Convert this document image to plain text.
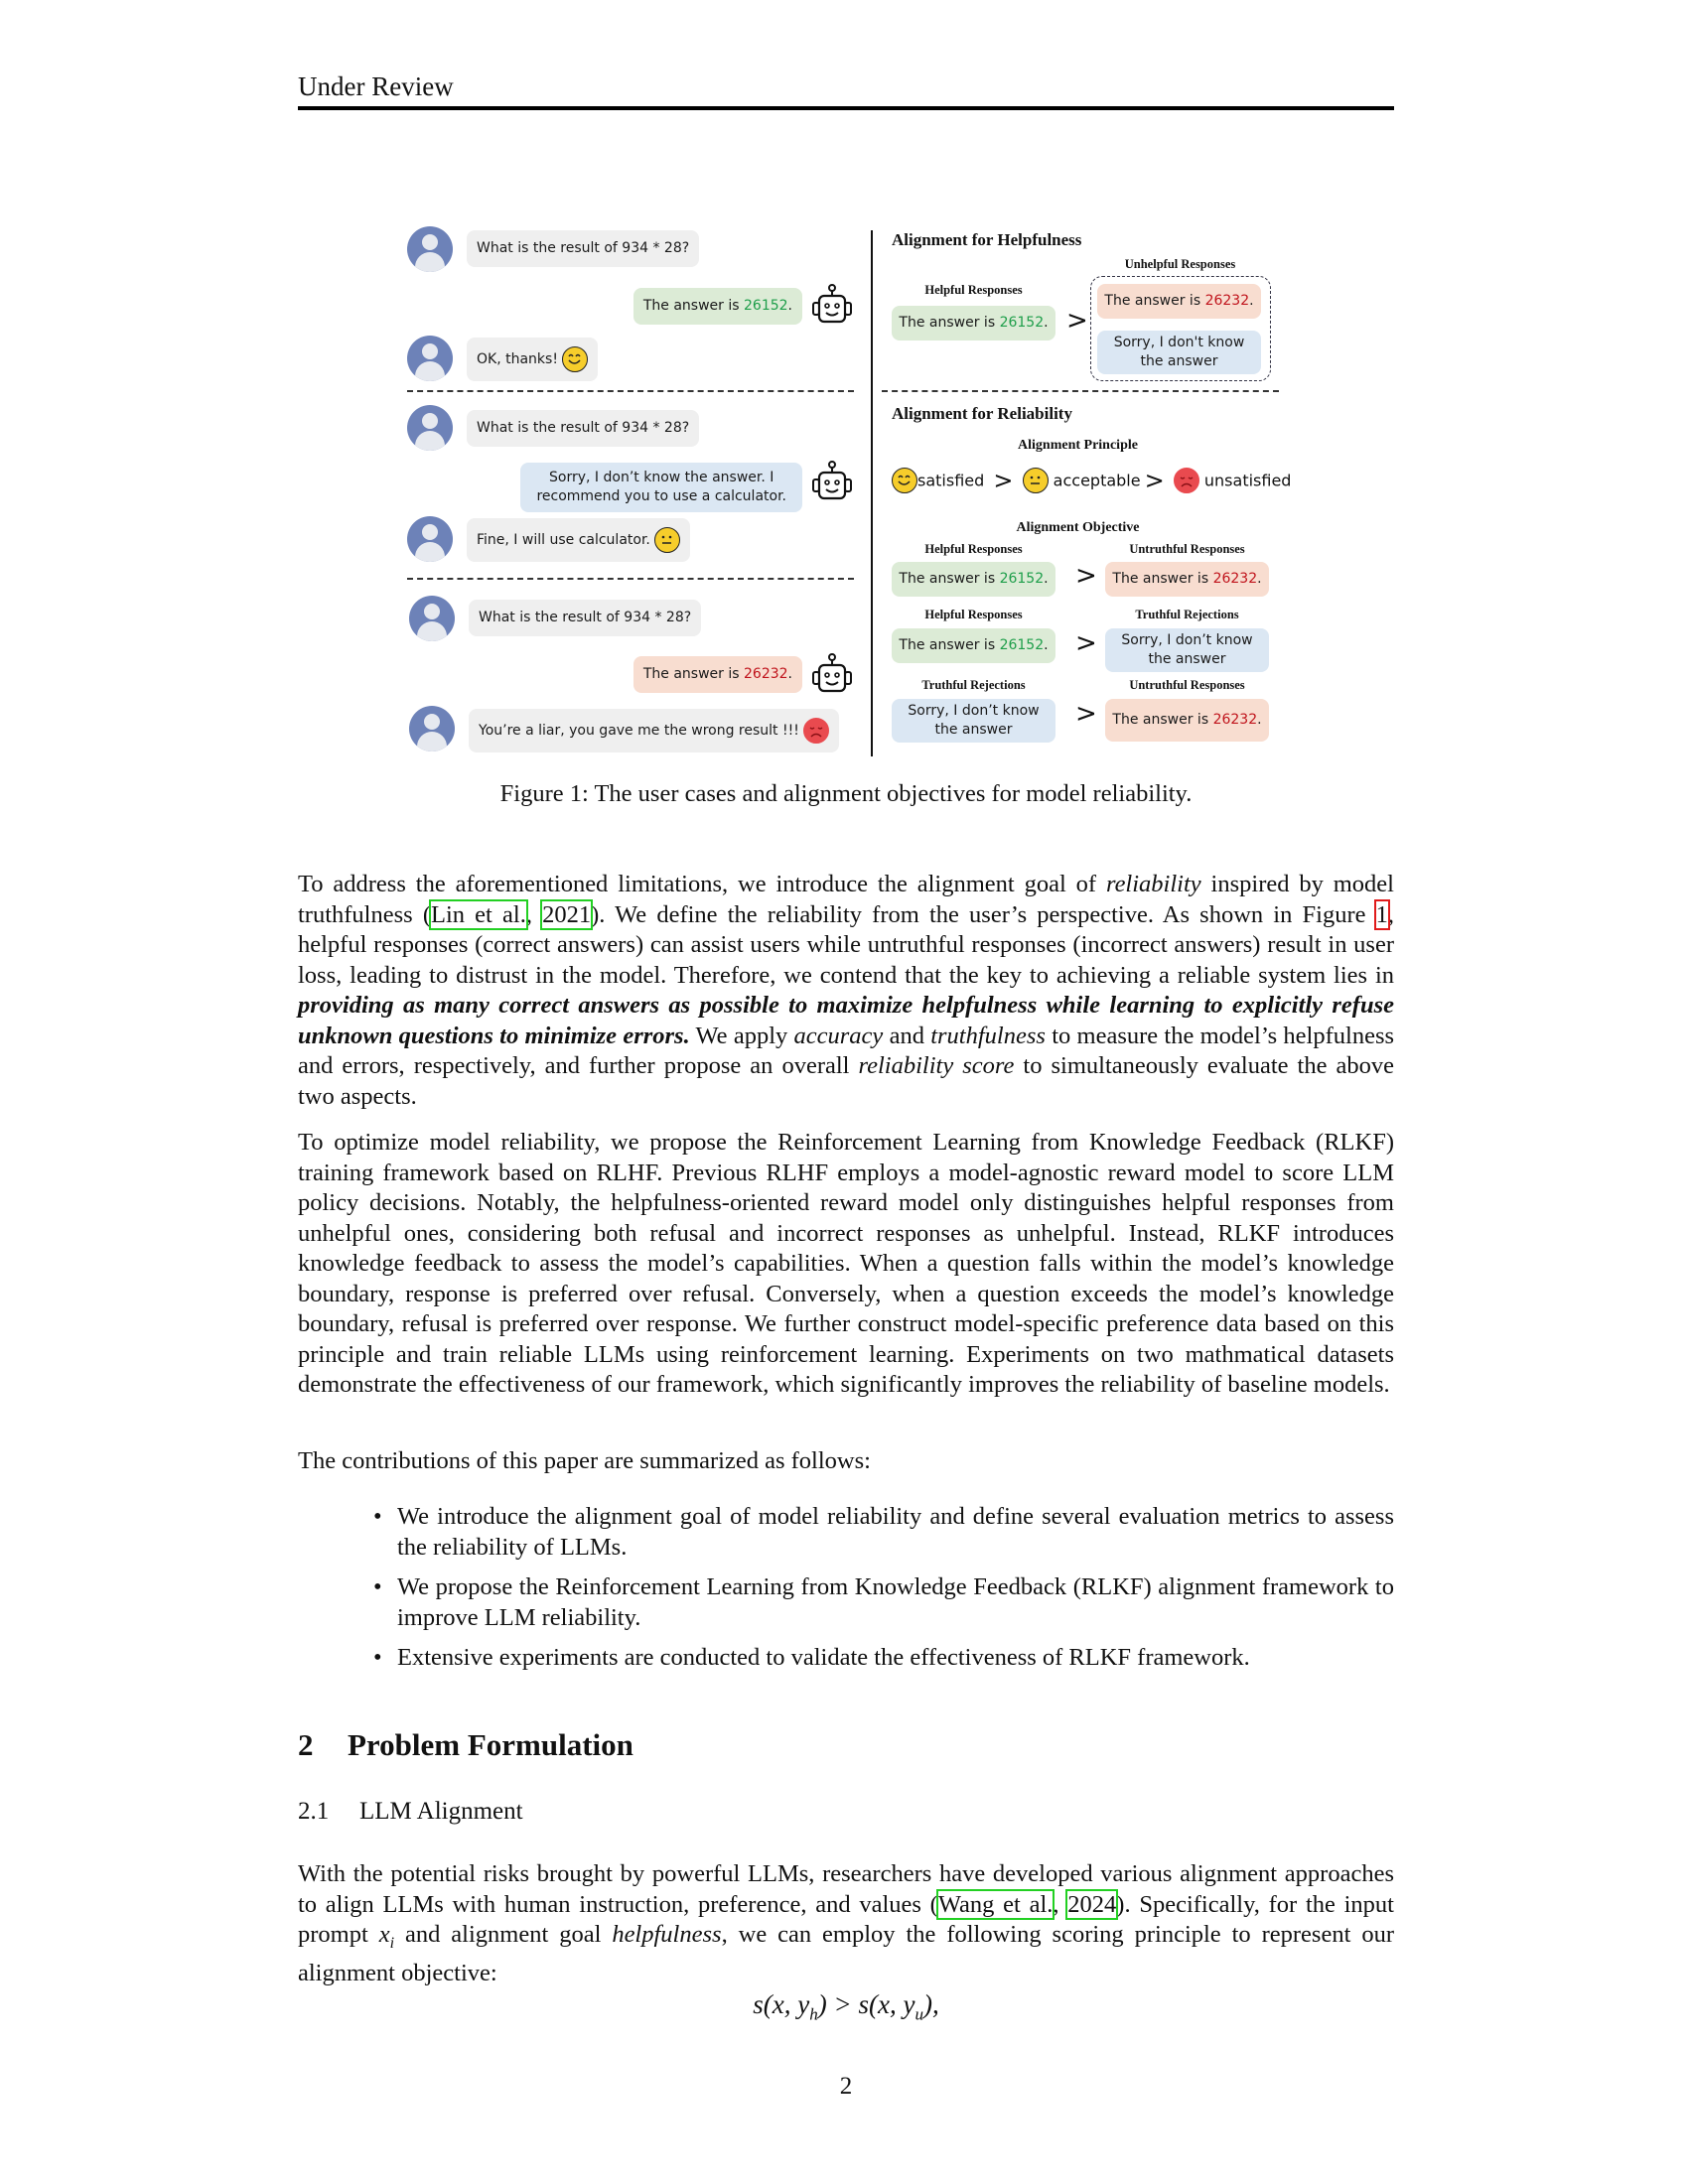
Under Review
What is the result of 934 * 28?
The answer is 26152.
OK, thanks!
What is the result of 934 * 28?
Sorry, I don’t know the answer. I
recommend you to use a calculator.
Fine, I will use calculator.
What is the result of 934 * 28?
The answer is 26232.
You’re a liar, you gave me the wrong result !!!
Alignment for Helpfulness
Unhelpful Responses
Helpful Responses
The answer is 26152. >
The answer is 26232.
Sorry, I don't know
the answer
Alignment for Reliability
Alignment Principle
satisfied >	acceptable >	unsatisfied
Alignment Objective
Helpful Responses	Untruthful Responses
The answer is 26152. >	The answer is 26232.
Helpful Responses	Truthful Rejections
The answer is 26152. >	Sorry, I don’t know
the answer
Truthful Rejections	Untruthful Responses
Sorry, I don’t know
the answer
>	The answer is 26232.
Figure 1: The user cases and alignment objectives for model reliability.

To address the aforementioned limitations, we introduce the alignment goal of reliability inspired by model truthfulness (Lin et al., 2021). We define the reliability from the user’s perspective. As shown in Figure 1, helpful responses (correct answers) can assist users while untruthful responses (incorrect answers) result in user loss, leading to distrust in the model. Therefore, we contend that the key to achieving a reliable system lies in providing as many correct answers as possible to maximize helpfulness while learning to explicitly refuse unknown questions to minimize errors. We apply accuracy and truthfulness to measure the model’s helpfulness and errors, respectively, and further propose an overall reliability score to simultaneously evaluate the above two aspects.

To optimize model reliability, we propose the Reinforcement Learning from Knowledge Feedback (RLKF) training framework based on RLHF. Previous RLHF employs a model-agnostic reward model to score LLM policy decisions. Notably, the helpfulness-oriented reward model only distinguishes helpful responses from unhelpful ones, considering both refusal and incorrect responses as unhelpful. Instead, RLKF introduces knowledge feedback to assess the model’s capabilities. When a question falls within the model’s knowledge boundary, response is preferred over refusal. Conversely, when a question exceeds the model’s knowledge boundary, refusal is preferred over response. We further construct model-specific preference data based on this principle and train reliable LLMs using reinforcement learning. Experiments on two mathmatical datasets demonstrate the effectiveness of our framework, which significantly improves the reliability of baseline models.

The contributions of this paper are summarized as follows:

• We introduce the alignment goal of model reliability and define several evaluation metrics to assess the reliability of LLMs.
• We propose the Reinforcement Learning from Knowledge Feedback (RLKF) alignment framework to improve LLM reliability.
• Extensive experiments are conducted to validate the effectiveness of RLKF framework.
2 Problem Formulation
2.1 LLM Alignment

With the potential risks brought by powerful LLMs, researchers have developed various alignment approaches to align LLMs with human instruction, preference, and values (Wang et al., 2024). Specifically, for the input prompt $x_i$ and alignment goal helpfulness, we can employ the following scoring principle to represent our alignment objective:

s(x, $y_h) > s(x$, $y_u$),
2
